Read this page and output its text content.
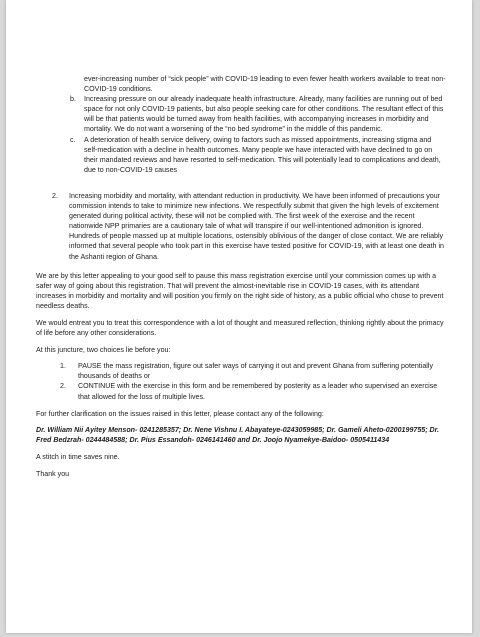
ever-increasing number of “sick people” with COVID-19 leading to even fewer health workers available to treat non- COVID-19 conditions.

b. Increasing pressure on our already inadequate health infrastructure. Already, many facilities are running out of bed space for not only COVID-19 patients, but also people seeking care for other conditions. The resultant effect of this will be that patients would be turned away from health facilities, with accompanying increases in morbidity and mortality. We do not want a worsening of the “no bed syndrome” in the middle of this pandemic.

c. A deterioration of health service delivery, owing to factors such as missed appointments, increasing stigma and self-medication with a decline in health outcomes. Many people we have interacted with have declined to go on their mandated reviews and have resorted to self-medication. This will potentially lead to complications and death, due to non-COVID-19 causes

2. Increasing morbidity and mortality, with attendant reduction in productivity. We have been informed of precautions your commission intends to take to minimize new infections. We respectfully submit that given the high levels of excitement generated during political activity, these will not be complied with. The first week of the exercise and the recent nationwide NPP primaries are a cautionary tale of what will transpire if our well-intentioned admonition is ignored. Hundreds of people massed up at multiple locations, ostensibly oblivious of the danger of close contact. We are reliably informed that several people who took part in this exercise have tested positive for COVID-19, with at least one death in the Ashanti region of Ghana.

We are by this letter appealing to your good self to pause this mass registration exercise until your commission comes up with a safer way of going about this registration. That will prevent the almost-inevitable rise in COVID-19 cases, with its attendant increases in morbidity and mortality and will position you firmly on the right side of history, as a public official who chose to prevent needless deaths.

We would entreat you to treat this correspondence with a lot of thought and measured reflection, thinking rightly about the primacy of life before any other considerations.

At this juncture, two choices lie before you:

1. PAUSE the mass registration, figure out safer ways of carrying it out and prevent Ghana from suffering potentially thousands of deaths or

2. CONTINUE with the exercise in this form and be remembered by posterity as a leader who supervised an exercise that allowed for the loss of multiple lives.

For further clarification on the issues raised in this letter, please contact any of the following:

Dr. William Nii Ayitey Menson- 0241285357; Dr. Nene Vishnu I. Abayateye-0243059985; Dr. Gameli Aheto-0200199755; Dr. Fred Bedzrah- 0244484588; Dr. Pius Essandoh- 0246141460 and Dr. Joojo Nyamekye-Baidoo- 0505411434

A stitch in time saves nine.

Thank you
